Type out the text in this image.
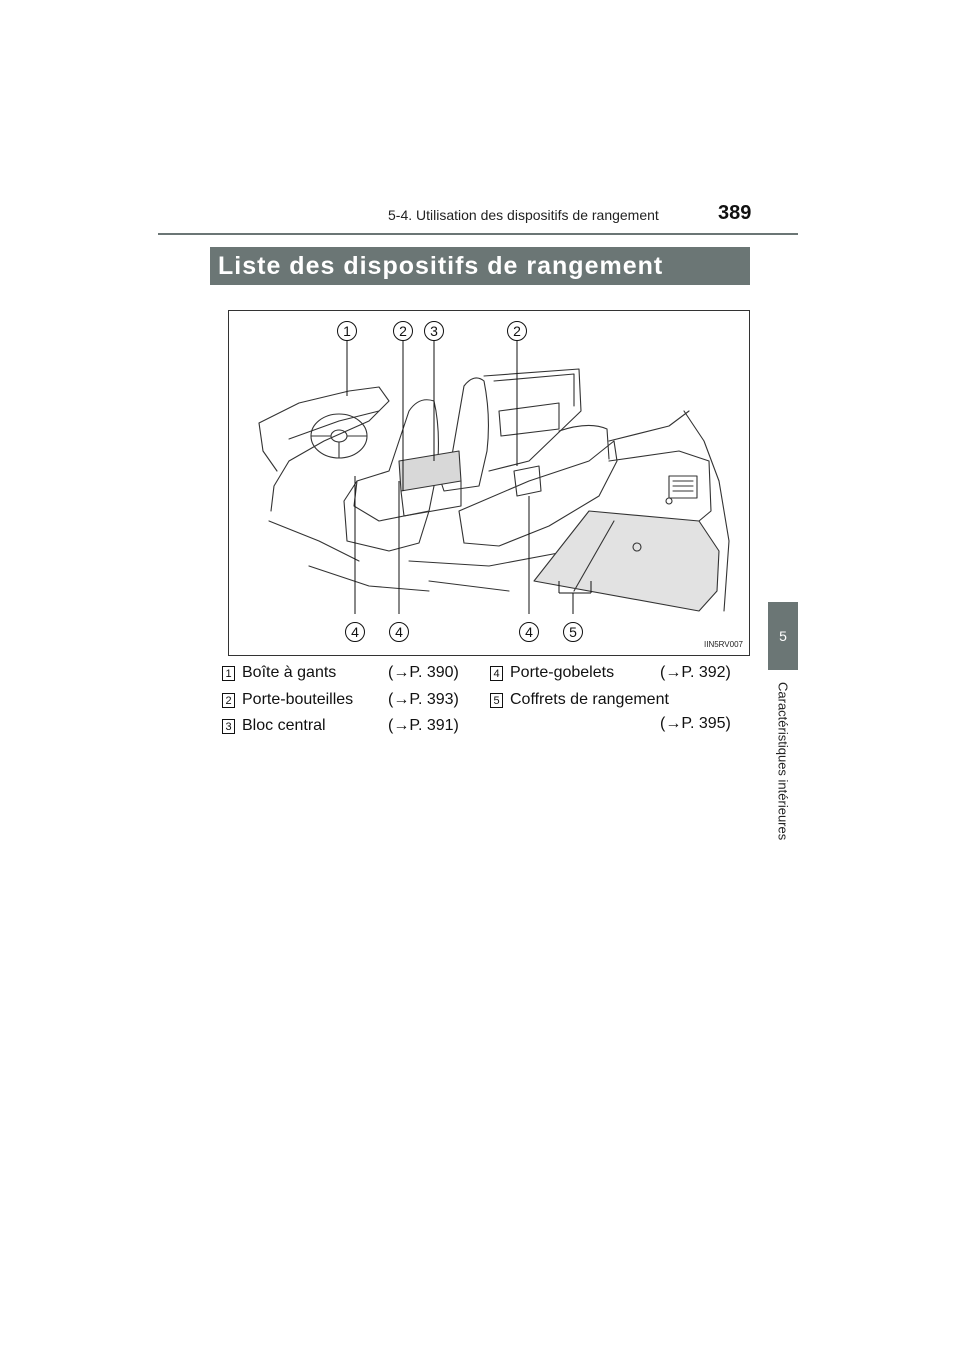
5-4. Utilisation des dispositifs de rangement	389
5
Caractéristiques intérieures
Liste des dispositifs de rangement
1	2	3	2
4	4	4	5
IIN5RV007
1 Boîte à gants	(→P. 390)
2 Porte-bouteilles (→P. 393)
3 Bloc central	(→P. 391)
4 Porte-gobelets	(→P. 392)
5 Coffrets de rangement
(→P. 395)
